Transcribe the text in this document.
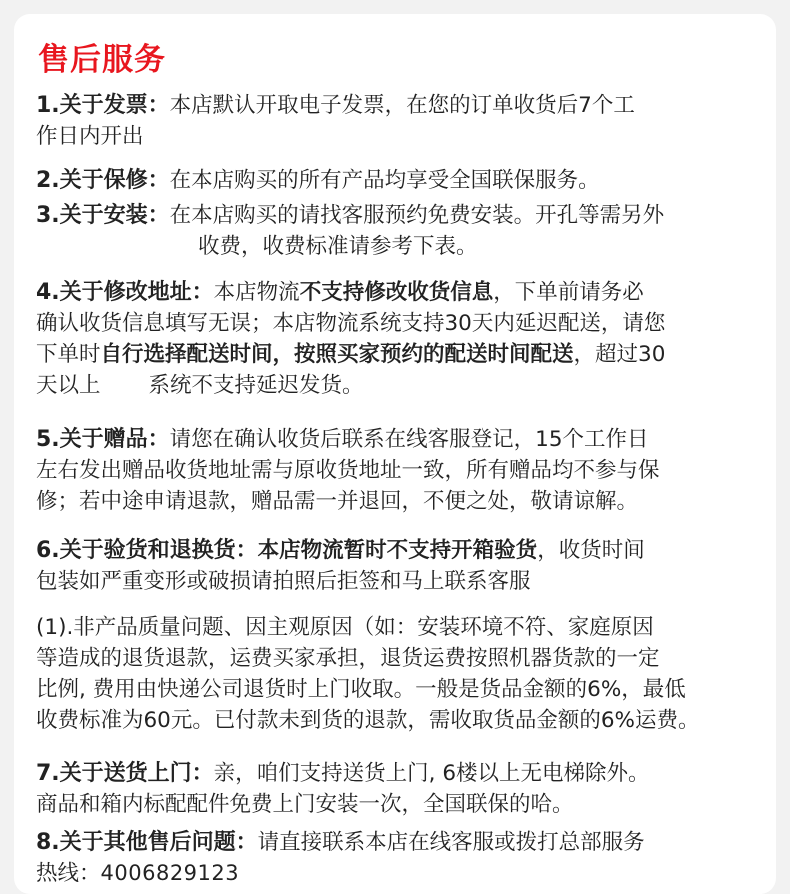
售后服务
1.关于发票：本店默认开取电子发票，在您的订单收货后7个工
作日内开出
2.关于保修：在本店购买的所有产品均享受全国联保服务。
3.关于安装：在本店购买的请找客服预约免费安装。开孔等需另外

收费，收费标准请参考下表。
4.关于修改地址：本店物流不支持修改收货信息，下单前请务必
确认收货信息填写无误；本店物流系统支持30天内延迟配送，请您
下单时自行选择配送时间，按照买家预约的配送时间配送，超过30
天以上 系统不支持延迟发货。
5.关于赠品：请您在确认收货后联系在线客服登记，15个工作日
左右发出赠品收货地址需与原收货地址一致，所有赠品均不参与保
修；若中途申请退款，赠品需一并退回，不便之处，敬请谅解。
6.关于验货和退换货：本店物流暂时不支持开箱验货，收货时间
包装如严重变形或破损请拍照后拒签和马上联系客服
(1).非产品质量问题、因主观原因（如：安装环境不符、家庭原因
等造成的退货退款，运费买家承担，退货运费按照机器货款的一定
比例, 费用由快递公司退货时上门收取。一般是货品金额的6%，最低
收费标准为60元。已付款未到货的退款，需收取货品金额的6%运费。
7.关于送货上门：亲，咱们支持送货上门, 6楼以上无电梯除外。
商品和箱内标配配件免费上门安装一次，全国联保的哈。
8.关于其他售后问题：请直接联系本店在线客服或拨打总部服务
热线：4006829123
